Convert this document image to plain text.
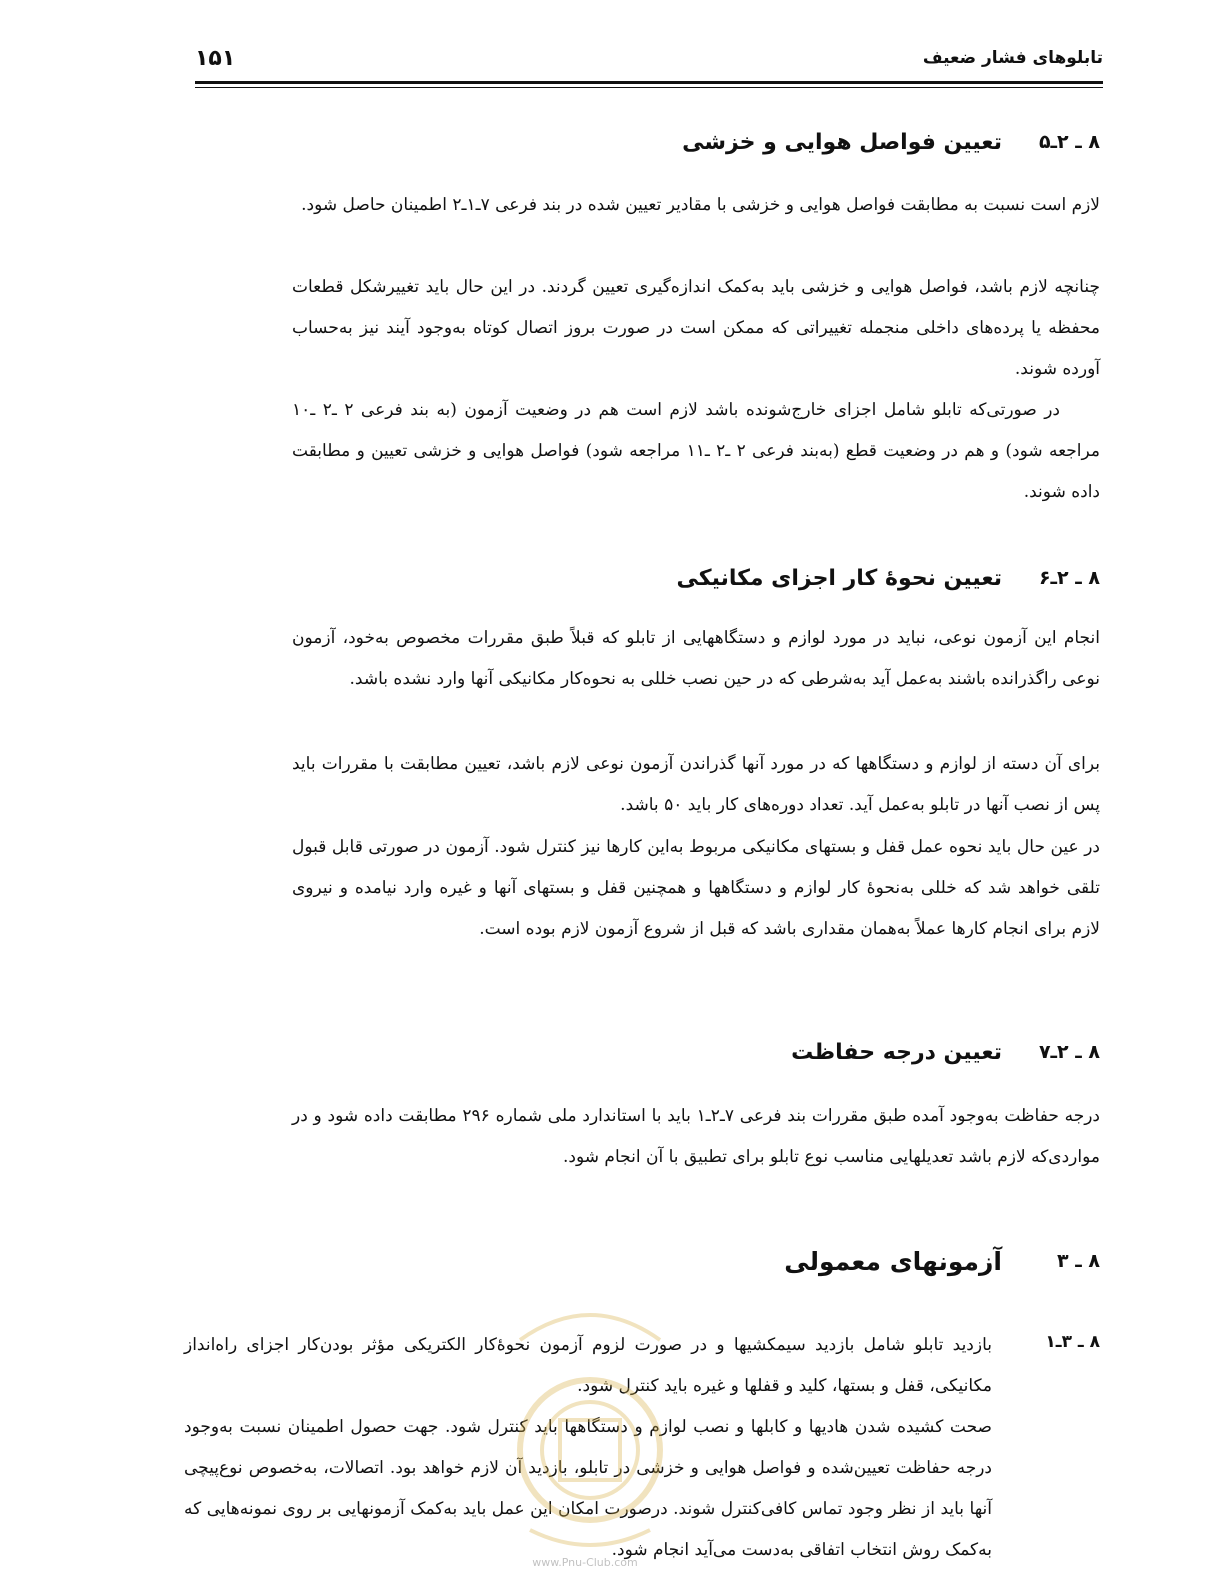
۱۵۱	تابلوهای فشار ضعیف
۸ ـ ۲ـ۵
تعیین فواصل هوایی و خزشی

لازم است نسبت به مطابقت فواصل هوایی و خزشی با مقادیر تعیین شده در بند فرعی ۷ـ۱ـ۲ اطمینان حاصل شود.

چنانچه لازم باشد، فواصل هوایی و خزشی باید به‌کمک اندازه‌گیری تعیین گردند. در این حال باید تغییرشکل قطعات محفظه یا پرده‌های داخلی منجمله تغییراتی که ممکن است در صورت بروز اتصال کوتاه به‌وجود آیند نیز به‌حساب آورده شوند.

در صورتی‌که تابلو شامل اجزای خارج‌شونده باشد لازم است هم در وضعیت آزمون (به بند فرعی ۲ ـ۲ ـ۱۰ مراجعه شود) و هم در وضعیت قطع (به‌بند فرعی ۲ ـ۲ ـ۱۱ مراجعه شود) فواصل هوایی و خزشی تعیین و مطابقت داده شوند.

۸ ـ ۲ـ۶
تعیین نحوهٔ کار اجزای مکانیکی

انجام این آزمون نوعی، نباید در مورد لوازم و دستگاههایی از تابلو که قبلاً طبق مقررات مخصوص به‌خود، آزمون نوعی راگذرانده باشند به‌عمل آید به‌شرطی که در حین نصب خللی به نحوه‌کار مکانیکی آنها وارد نشده باشد.

برای آن دسته از لوازم و دستگاهها که در مورد آنها گذراندن آزمون نوعی لازم باشد، تعیین مطابقت با مقررات باید پس از نصب آنها در تابلو به‌عمل آید. تعداد دوره‌های کار باید ۵۰ باشد.

در عین حال باید نحوه عمل قفل و بستهای مکانیکی مربوط به‌این کارها نیز کنترل شود. آزمون در صورتی قابل قبول تلقی خواهد شد که خللی به‌نحوهٔ کار لوازم و دستگاهها و همچنین قفل و بستهای آنها و غیره وارد نیامده و نیروی لازم برای انجام کارها عملاً به‌همان مقداری باشد که قبل از شروع آزمون لازم بوده است.

۸ ـ ۲ـ۷
تعیین درجه حفاظت

درجه حفاظت به‌وجود آمده طبق مقررات بند فرعی ۷ـ۲ـ۱ باید با استاندارد ملی شماره ۲۹۶ مطابقت داده شود و در مواردی‌که لازم باشد تعدیلهایی مناسب نوع تابلو برای تطبیق با آن انجام شود.

۸ ـ ۳
آزمونهای معمولی
۸ ـ ۳ـ۱

بازدید تابلو شامل بازدید سیمکشیها و در صورت لزوم آزمون نحوهٔ‌کار الکتریکی مؤثر بودن‌کار اجزای راه‌انداز مکانیکی، قفل و بستها، کلید و قفلها و غیره باید کنترل شود.

صحت کشیده شدن هادیها و کابلها و نصب لوازم و دستگاهها باید کنترل شود. جهت حصول اطمینان نسبت به‌وجود درجه حفاظت تعیین‌شده و فواصل هوایی و خزشی در تابلو، بازدید آن لازم خواهد بود. اتصالات، به‌خصوص نوع‌پیچی آنها باید از نظر وجود تماس کافی‌کنترل شوند. درصورت امکان این عمل باید به‌کمک آزمونهایی بر روی نمونه‌هایی که به‌کمک روش انتخاب اتفاقی به‌دست می‌آید انجام شود.

www.Pnu-Club.com
